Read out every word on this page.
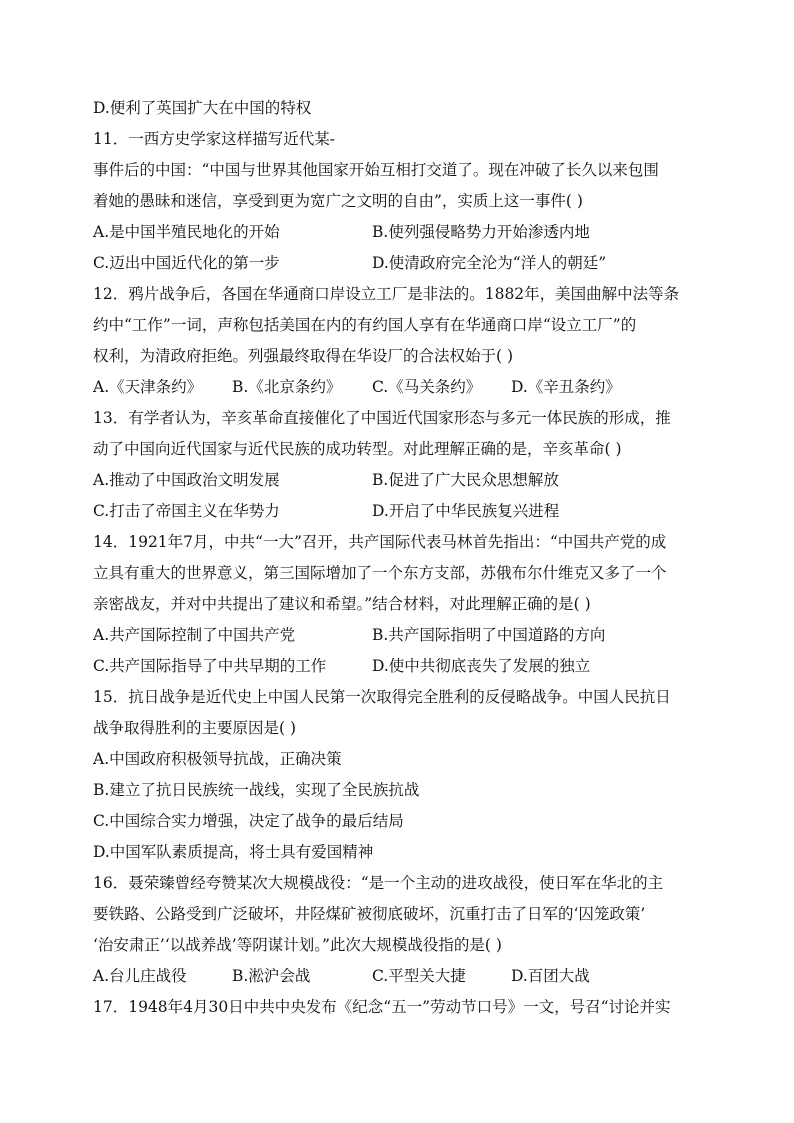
D.便利了英国扩大在中国的特权
11．一西方史学家这样描写近代某-
事件后的中国：“中国与世界其他国家开始互相打交道了。现在冲破了长久以来包围
着她的愚昧和迷信，享受到更为宽广之文明的自由”，实质上这一事件( )
A.是中国半殖民地化的开始	B.使列强侵略势力开始渗透内地
C.迈出中国近代化的第一步	D.使清政府完全沦为“洋人的朝廷”
12．鸦片战争后，各国在华通商口岸设立工厂是非法的。1882年，美国曲解中法等条
约中“工作”一词，声称包括美国在内的有约国人享有在华通商口岸“设立工厂”的
权利，为清政府拒绝。列强最终取得在华设厂的合法权始于( )
A.《天津条约》 B.《北京条约》 C.《马关条约》 D.《辛丑条约》
13．有学者认为，辛亥革命直接催化了中国近代国家形态与多元一体民族的形成，推
动了中国向近代国家与近代民族的成功转型。对此理解正确的是，辛亥革命( )
A.推动了中国政治文明发展	B.促进了广大民众思想解放
C.打击了帝国主义在华势力	D.开启了中华民族复兴进程
14．1921年7月，中共“一大”召开，共产国际代表马林首先指出：“中国共产党的成
立具有重大的世界意义，第三国际增加了一个东方支部，苏俄布尔什维克又多了一个
亲密战友，并对中共提出了建议和希望。”结合材料，对此理解正确的是( )
A.共产国际控制了中国共产党	B.共产国际指明了中国道路的方向
C.共产国际指导了中共早期的工作	D.使中共彻底丧失了发展的独立
15．抗日战争是近代史上中国人民第一次取得完全胜利的反侵略战争。中国人民抗日
战争取得胜利的主要原因是( )
A.中国政府积极领导抗战，正确决策
B.建立了抗日民族统一战线，实现了全民族抗战
C.中国综合实力增强，决定了战争的最后结局
D.中国军队素质提高，将士具有爱国精神
16．聂荣臻曾经夸赞某次大规模战役：“是一个主动的进攻战役，使日军在华北的主
要铁路、公路受到广泛破坏，井陉煤矿被彻底破坏，沉重打击了日军的‘囚笼政策’
‘治安肃正’‘以战养战’等阴谋计划。”此次大规模战役指的是( )
A.台儿庄战役	B.淞沪会战	C.平型关大捷	D.百团大战
17．1948年4月30日中共中央发布《纪念“五一”劳动节口号》一文，号召“讨论并实
